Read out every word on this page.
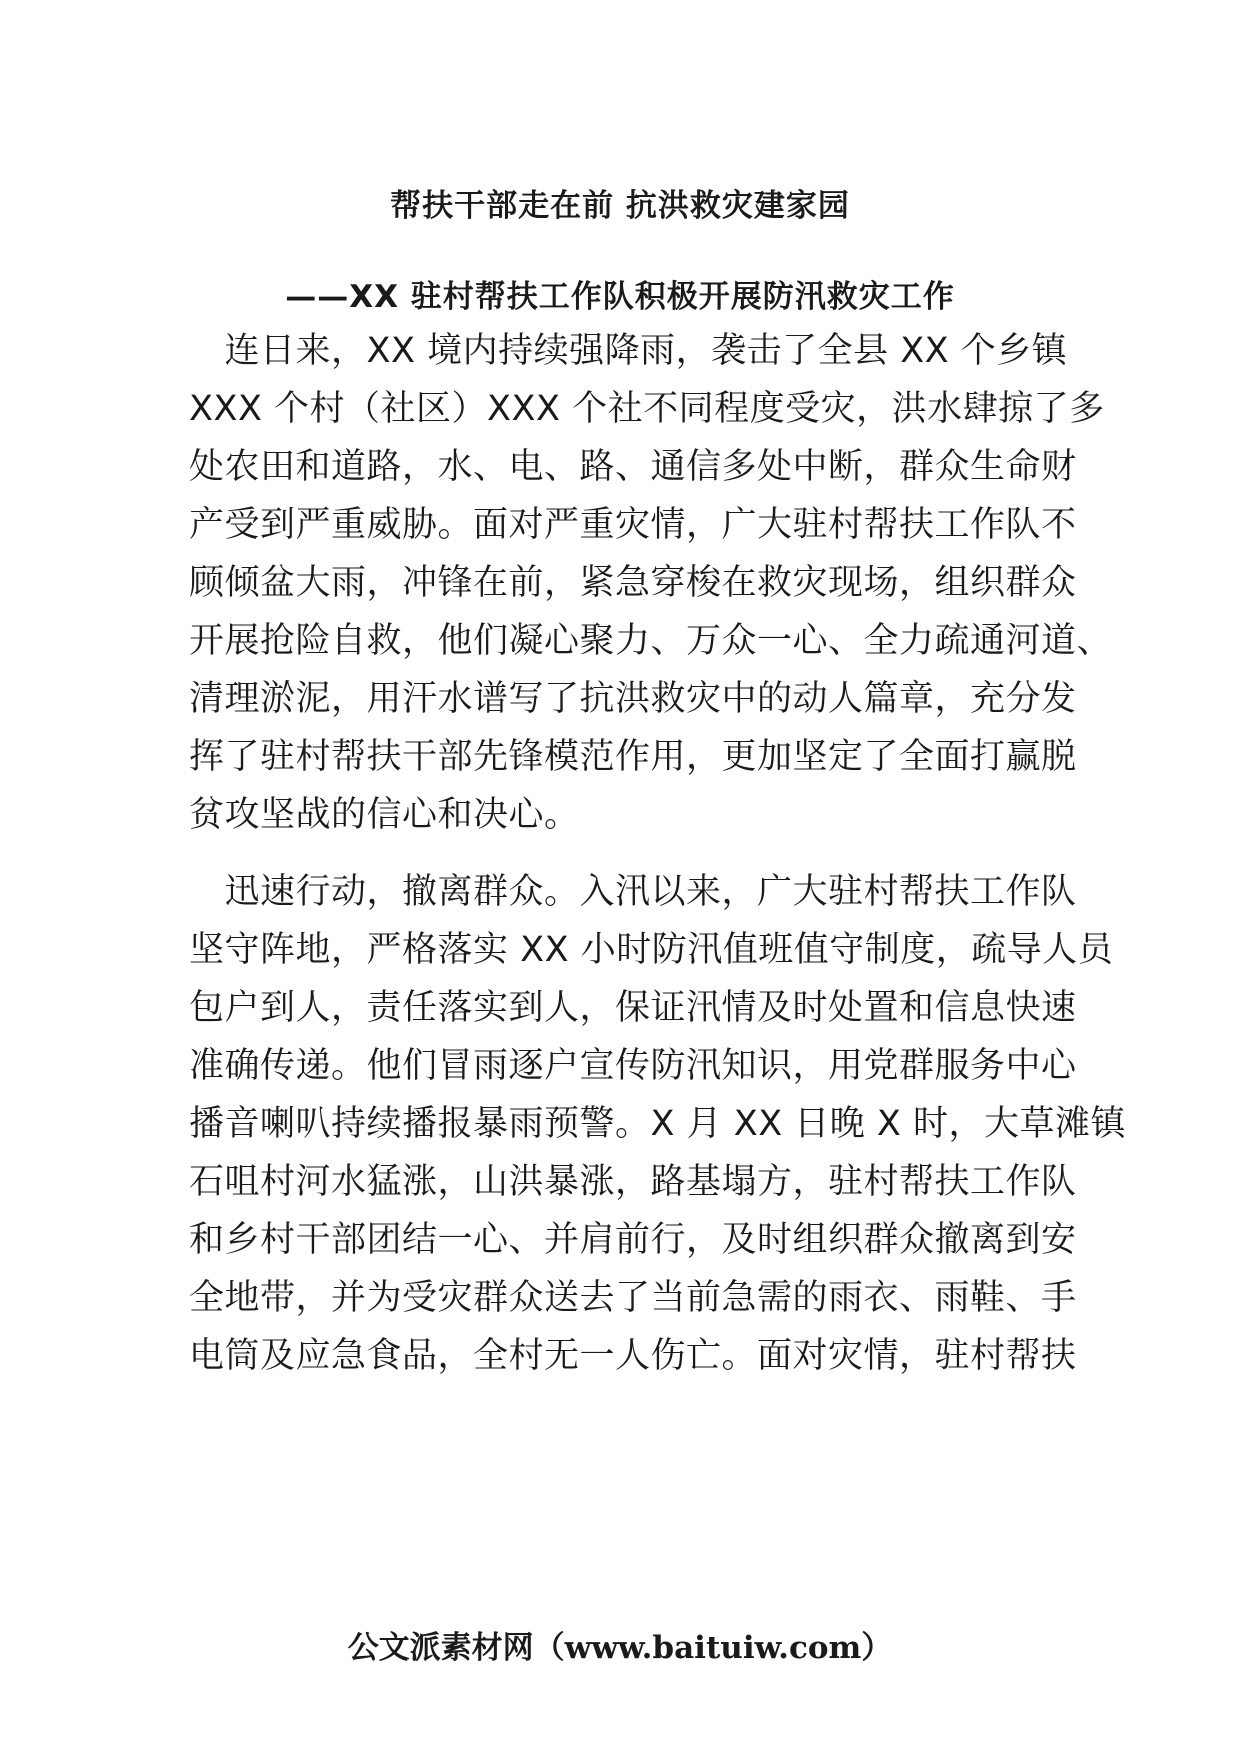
帮扶干部走在前 抗洪救灾建家园
——XX 驻村帮扶工作队积极开展防汛救灾工作
　连日来，XX 境内持续强降雨，袭击了全县 XX 个乡镇
XXX 个村（社区）XXX 个社不同程度受灾，洪水肆掠了多
处农田和道路，水、电、路、通信多处中断，群众生命财
产受到严重威胁。面对严重灾情，广大驻村帮扶工作队不
顾倾盆大雨，冲锋在前，紧急穿梭在救灾现场，组织群众
开展抢险自救，他们凝心聚力、万众一心、全力疏通河道、
清理淤泥，用汗水谱写了抗洪救灾中的动人篇章，充分发
挥了驻村帮扶干部先锋模范作用，更加坚定了全面打赢脱
贫攻坚战的信心和决心。
　迅速行动，撤离群众。入汛以来，广大驻村帮扶工作队
坚守阵地，严格落实 XX 小时防汛值班值守制度，疏导人员
包户到人，责任落实到人，保证汛情及时处置和信息快速
准确传递。他们冒雨逐户宣传防汛知识，用党群服务中心
播音喇叭持续播报暴雨预警。X 月 XX 日晚 X 时，大草滩镇
石咀村河水猛涨，山洪暴涨，路基塌方，驻村帮扶工作队
和乡村干部团结一心、并肩前行，及时组织群众撤离到安
全地带，并为受灾群众送去了当前急需的雨衣、雨鞋、手
电筒及应急食品，全村无一人伤亡。面对灾情，驻村帮扶
公文派素材网（www.baituiw.com）
